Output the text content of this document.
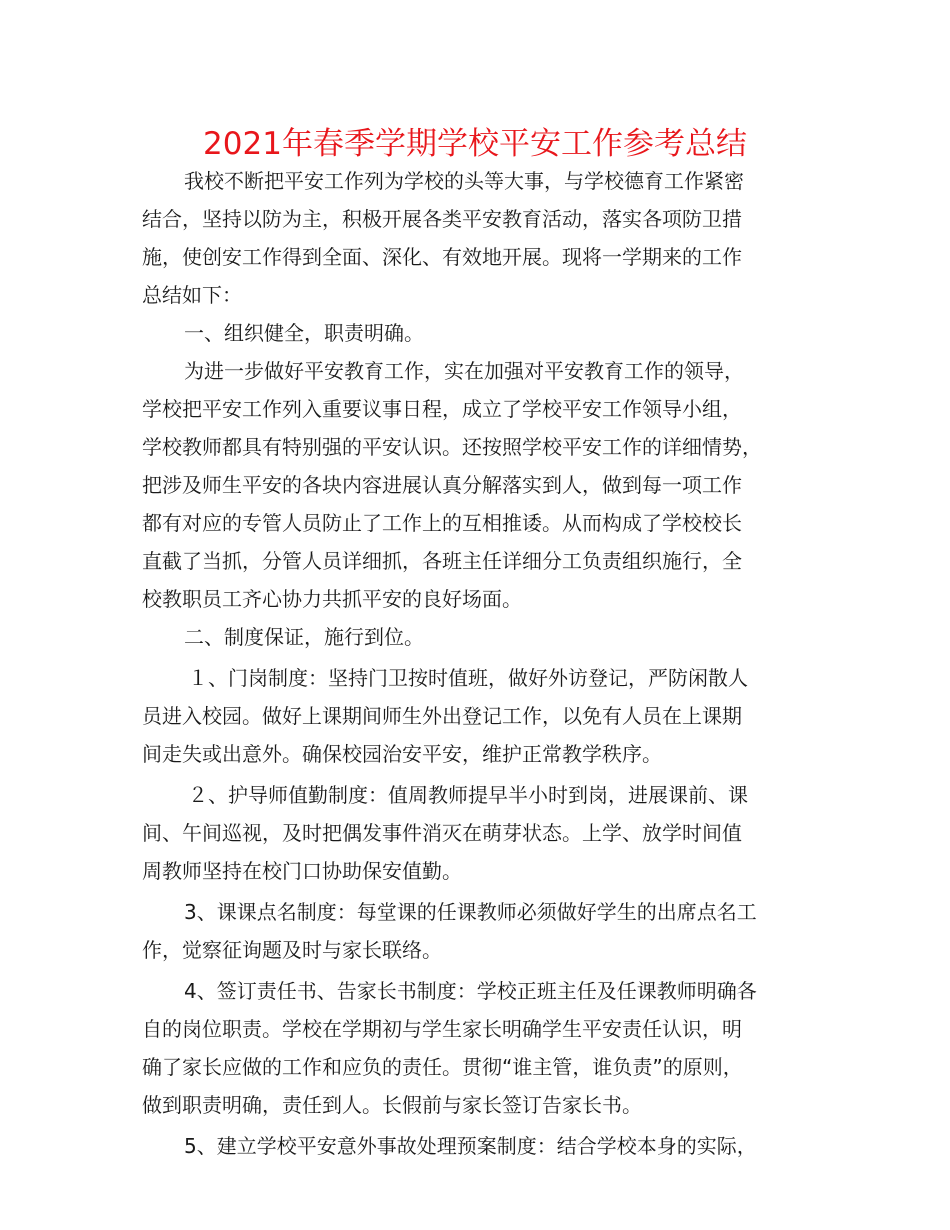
2021年春季学期学校平安工作参考总结
我校不断把平安工作列为学校的头等大事，与学校德育工作紧密
结合，坚持以防为主，积极开展各类平安教育活动，落实各项防卫措
施，使创安工作得到全面、深化、有效地开展。现将一学期来的工作
总结如下：
一、组织健全，职责明确。
为进一步做好平安教育工作，实在加强对平安教育工作的领导，
学校把平安工作列入重要议事日程，成立了学校平安工作领导小组，
学校教师都具有特别强的平安认识。还按照学校平安工作的详细情势，
把涉及师生平安的各块内容进展认真分解落实到人，做到每一项工作
都有对应的专管人员防止了工作上的互相推诿。从而构成了学校校长
直截了当抓，分管人员详细抓，各班主任详细分工负责组织施行，全
校教职员工齐心协力共抓平安的良好场面。
二、制度保证，施行到位。
１、门岗制度：坚持门卫按时值班，做好外访登记，严防闲散人
员进入校园。做好上课期间师生外出登记工作，以免有人员在上课期
间走失或出意外。确保校园治安平安，维护正常教学秩序。
２、护导师值勤制度：值周教师提早半小时到岗，进展课前、课
间、午间巡视，及时把偶发事件消灭在萌芽状态。上学、放学时间值
周教师坚持在校门口协助保安值勤。
3、课课点名制度：每堂课的任课教师必须做好学生的出席点名工
作，觉察征询题及时与家长联络。
4、签订责任书、告家长书制度：学校正班主任及任课教师明确各
自的岗位职责。学校在学期初与学生家长明确学生平安责任认识，明
确了家长应做的工作和应负的责任。贯彻“谁主管，谁负责”的原则，
做到职责明确，责任到人。长假前与家长签订告家长书。
5、建立学校平安意外事故处理预案制度：结合学校本身的实际，
